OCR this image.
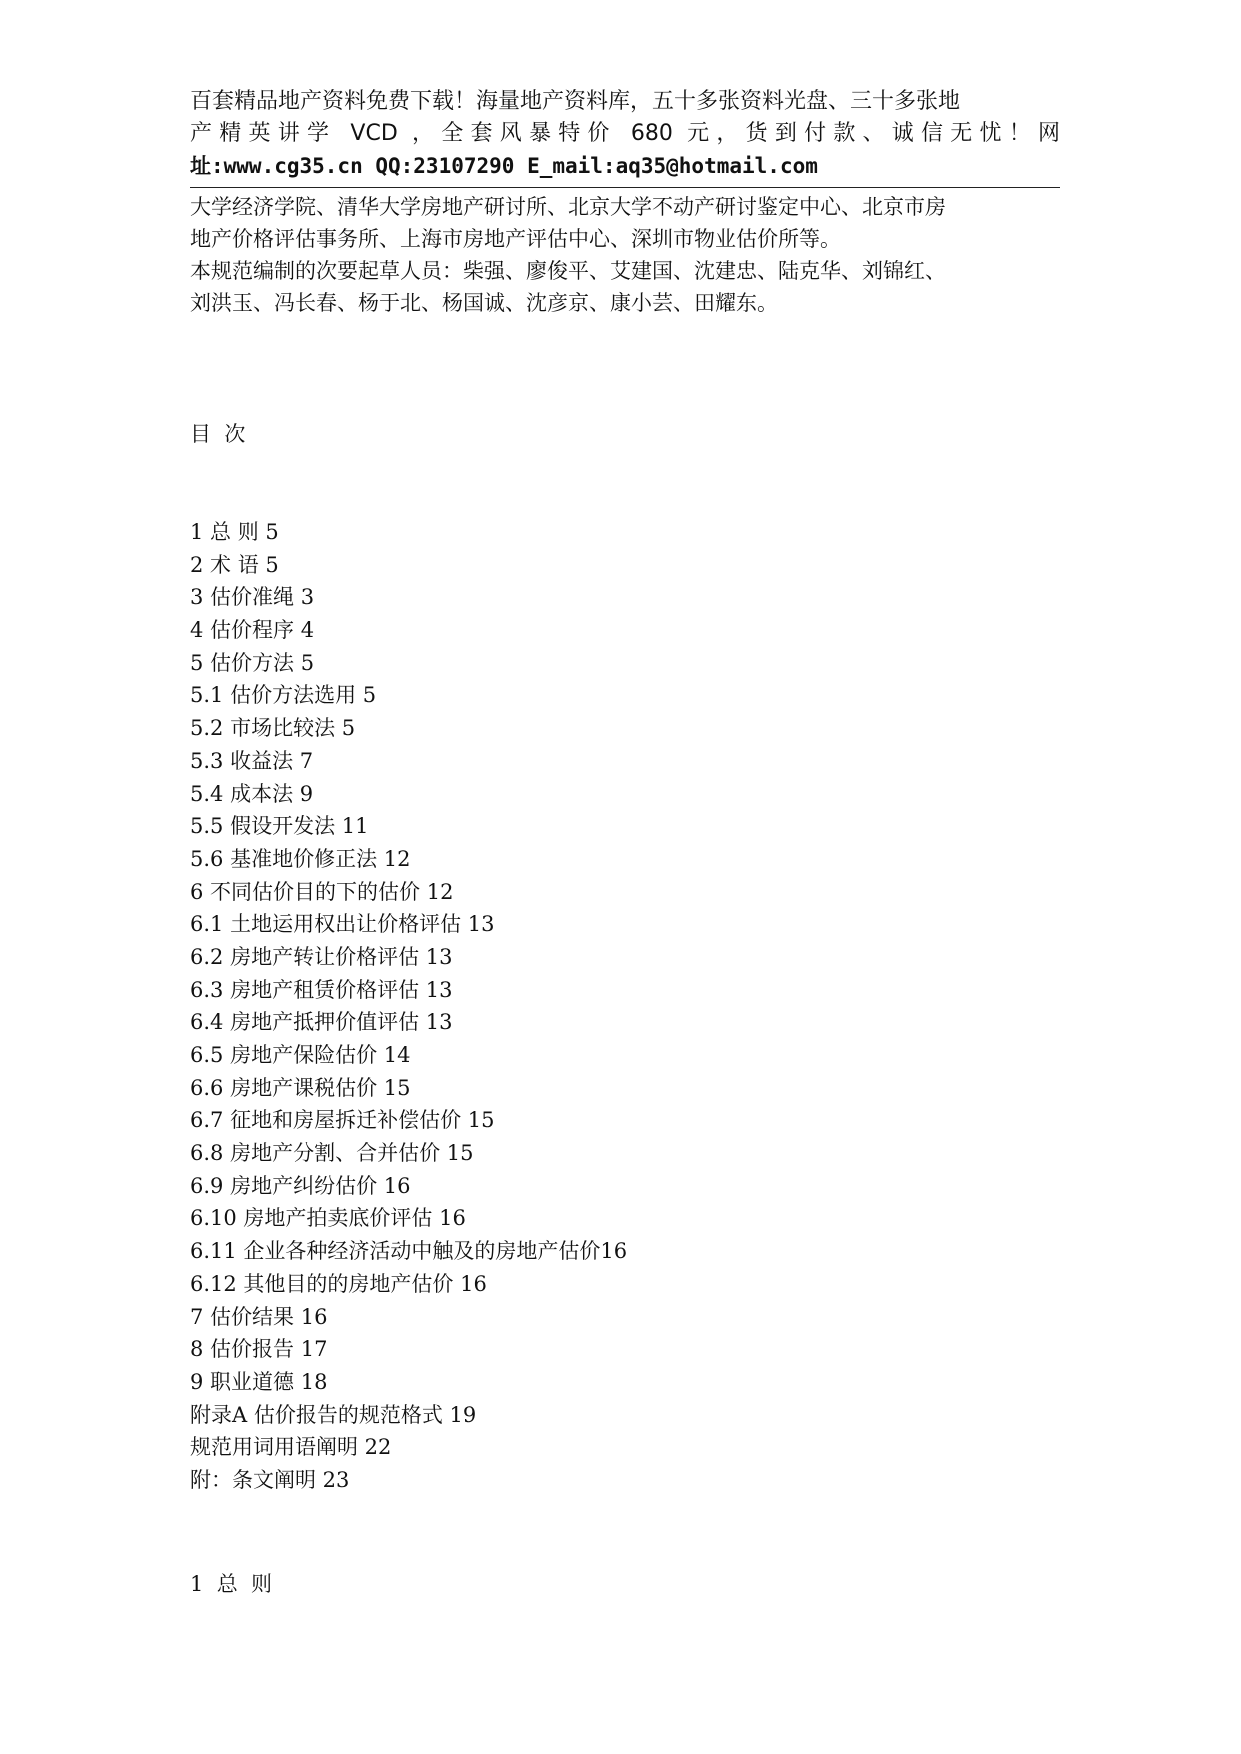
百套精品地产资料免费下载！海量地产资料库，五十多张资料光盘、三十多张地
产精英讲学 VCD ，全套风暴特价 680 元，货到付款、诚信无忧！网
址:www.cg35.cn QQ:23107290 E_mail:aq35@hotmail.com

大学经济学院、清华大学房地产研讨所、北京大学不动产研讨鉴定中心、北京市房

地产价格评估事务所、上海市房地产评估中心、深圳市物业估价所等。

本规范编制的次要起草人员：柴强、廖俊平、艾建国、沈建忠、陆克华、刘锦红、

刘洪玉、冯长春、杨于北、杨国诚、沈彦京、康小芸、田耀东。

目  次
1 总 则 5
2 术 语 5
3 估价准绳 3
4 估价程序 4
5 估价方法 5
5.1 估价方法选用 5
5.2 市场比较法 5
5.3 收益法 7
5.4 成本法 9
5.5 假设开发法 11
5.6 基准地价修正法 12
6 不同估价目的下的估价 12
6.1 土地运用权出让价格评估 13
6.2 房地产转让价格评估 13
6.3 房地产租赁价格评估 13
6.4 房地产抵押价值评估 13
6.5 房地产保险估价 14
6.6 房地产课税估价 15
6.7 征地和房屋拆迁补偿估价 15
6.8 房地产分割、合并估价 15
6.9 房地产纠纷估价 16
6.10 房地产拍卖底价评估 16
6.11 企业各种经济活动中触及的房地产估价16
6.12 其他目的的房地产估价 16
7 估价结果 16
8 估价报告 17
9 职业道德 18
附录A 估价报告的规范格式 19
规范用词用语阐明 22
附：条文阐明 23
1  总  则
